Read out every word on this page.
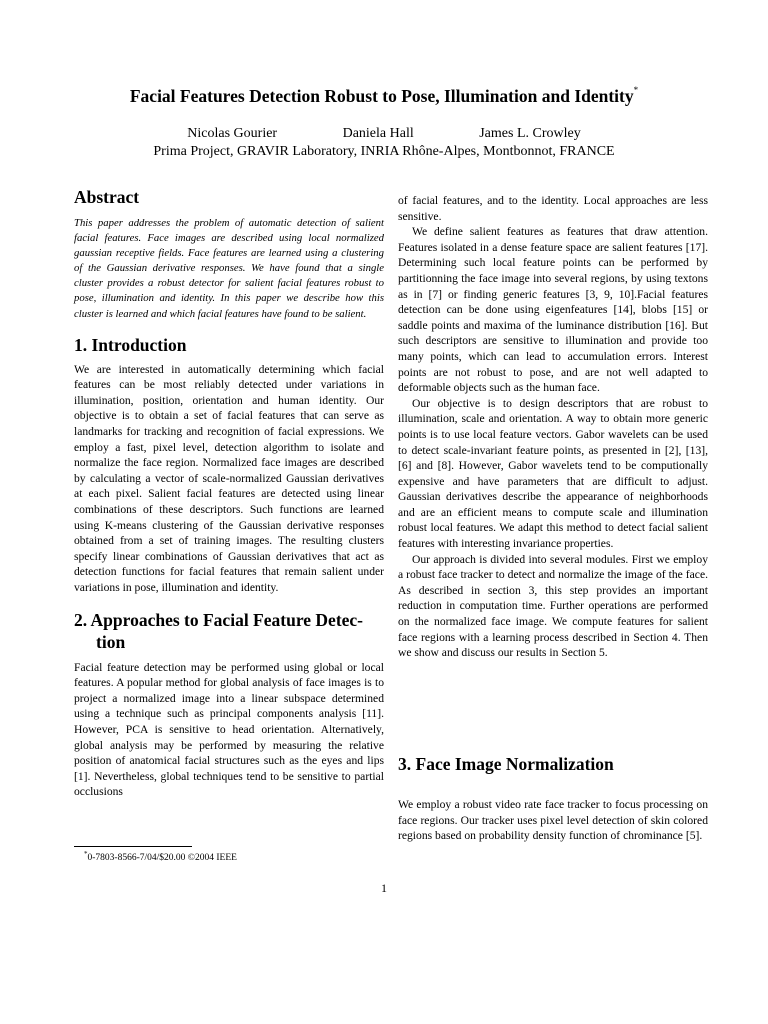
Facial Features Detection Robust to Pose, Illumination and Identity*
Nicolas Gourier	Daniela Hall	James L. Crowley
Prima Project, GRAVIR Laboratory, INRIA Rhône-Alpes, Montbonnot, FRANCE
Abstract

This paper addresses the problem of automatic detection of salient facial features. Face images are described using local normalized gaussian receptive fields. Face features are learned using a clustering of the Gaussian derivative responses. We have found that a single cluster provides a robust detector for salient facial features robust to pose, illumination and identity. In this paper we describe how this cluster is learned and which facial features have found to be salient.

1. Introduction

We are interested in automatically determining which facial features can be most reliably detected under variations in illumination, position, orientation and human identity. Our objective is to obtain a set of facial features that can serve as landmarks for tracking and recognition of facial expressions. We employ a fast, pixel level, detection algorithm to isolate and normalize the face region. Normalized face images are described by calculating a vector of scale-normalized Gaussian derivatives at each pixel. Salient facial features are detected using linear combinations of these descriptors. Such functions are learned using K-means clustering of the Gaussian derivative responses obtained from a set of training images. The resulting clusters specify linear combinations of Gaussian derivatives that act as detection functions for facial features that remain salient under variations in pose, illumination and identity.

2. Approaches to Facial Feature Detec-
tion

Facial feature detection may be performed using global or local features. A popular method for global analysis of face images is to project a normalized image into a linear subspace determined using a technique such as principal components analysis [11]. However, PCA is sensitive to head orientation. Alternatively, global analysis may be performed by measuring the relative position of anatomical facial structures such as the eyes and lips [1]. Nevertheless, global techniques tend to be sensitive to partial occlusions

of facial features, and to the identity. Local approaches are less sensitive.

We define salient features as features that draw attention. Features isolated in a dense feature space are salient features [17]. Determining such local feature points can be performed by partitionning the face image into several regions, by using textons as in [7] or finding generic features [3, 9, 10].Facial features detection can be done using eigenfeatures [14], blobs [15] or saddle points and maxima of the luminance distribution [16]. But such descriptors are sensitive to illumination and provide too many points, which can lead to accumulation errors. Interest points are not robust to pose, and are not well adapted to deformable objects such as the human face.

Our objective is to design descriptors that are robust to illumination, scale and orientation. A way to obtain more generic points is to use local feature vectors. Gabor wavelets can be used to detect scale-invariant feature points, as presented in [2], [13], [6] and [8]. However, Gabor wavelets tend to be computionally expensive and have parameters that are difficult to adjust. Gaussian derivatives describe the appearance of neighborhoods and are an efficient means to compute scale and illumination robust local features. We adapt this method to detect facial salient features with interesting invariance properties.

Our approach is divided into several modules. First we employ a robust face tracker to detect and normalize the image of the face. As described in section 3, this step provides an important reduction in computation time. Further operations are performed on the normalized face image. We compute features for salient face regions with a learning process described in Section 4. Then we show and discuss our results in Section 5.

3. Face Image Normalization

We employ a robust video rate face tracker to focus processing on face regions. Our tracker uses pixel level detection of skin colored regions based on probability density function of chrominance [5].

*0-7803-8566-7/04/$20.00 ©2004 IEEE
1
